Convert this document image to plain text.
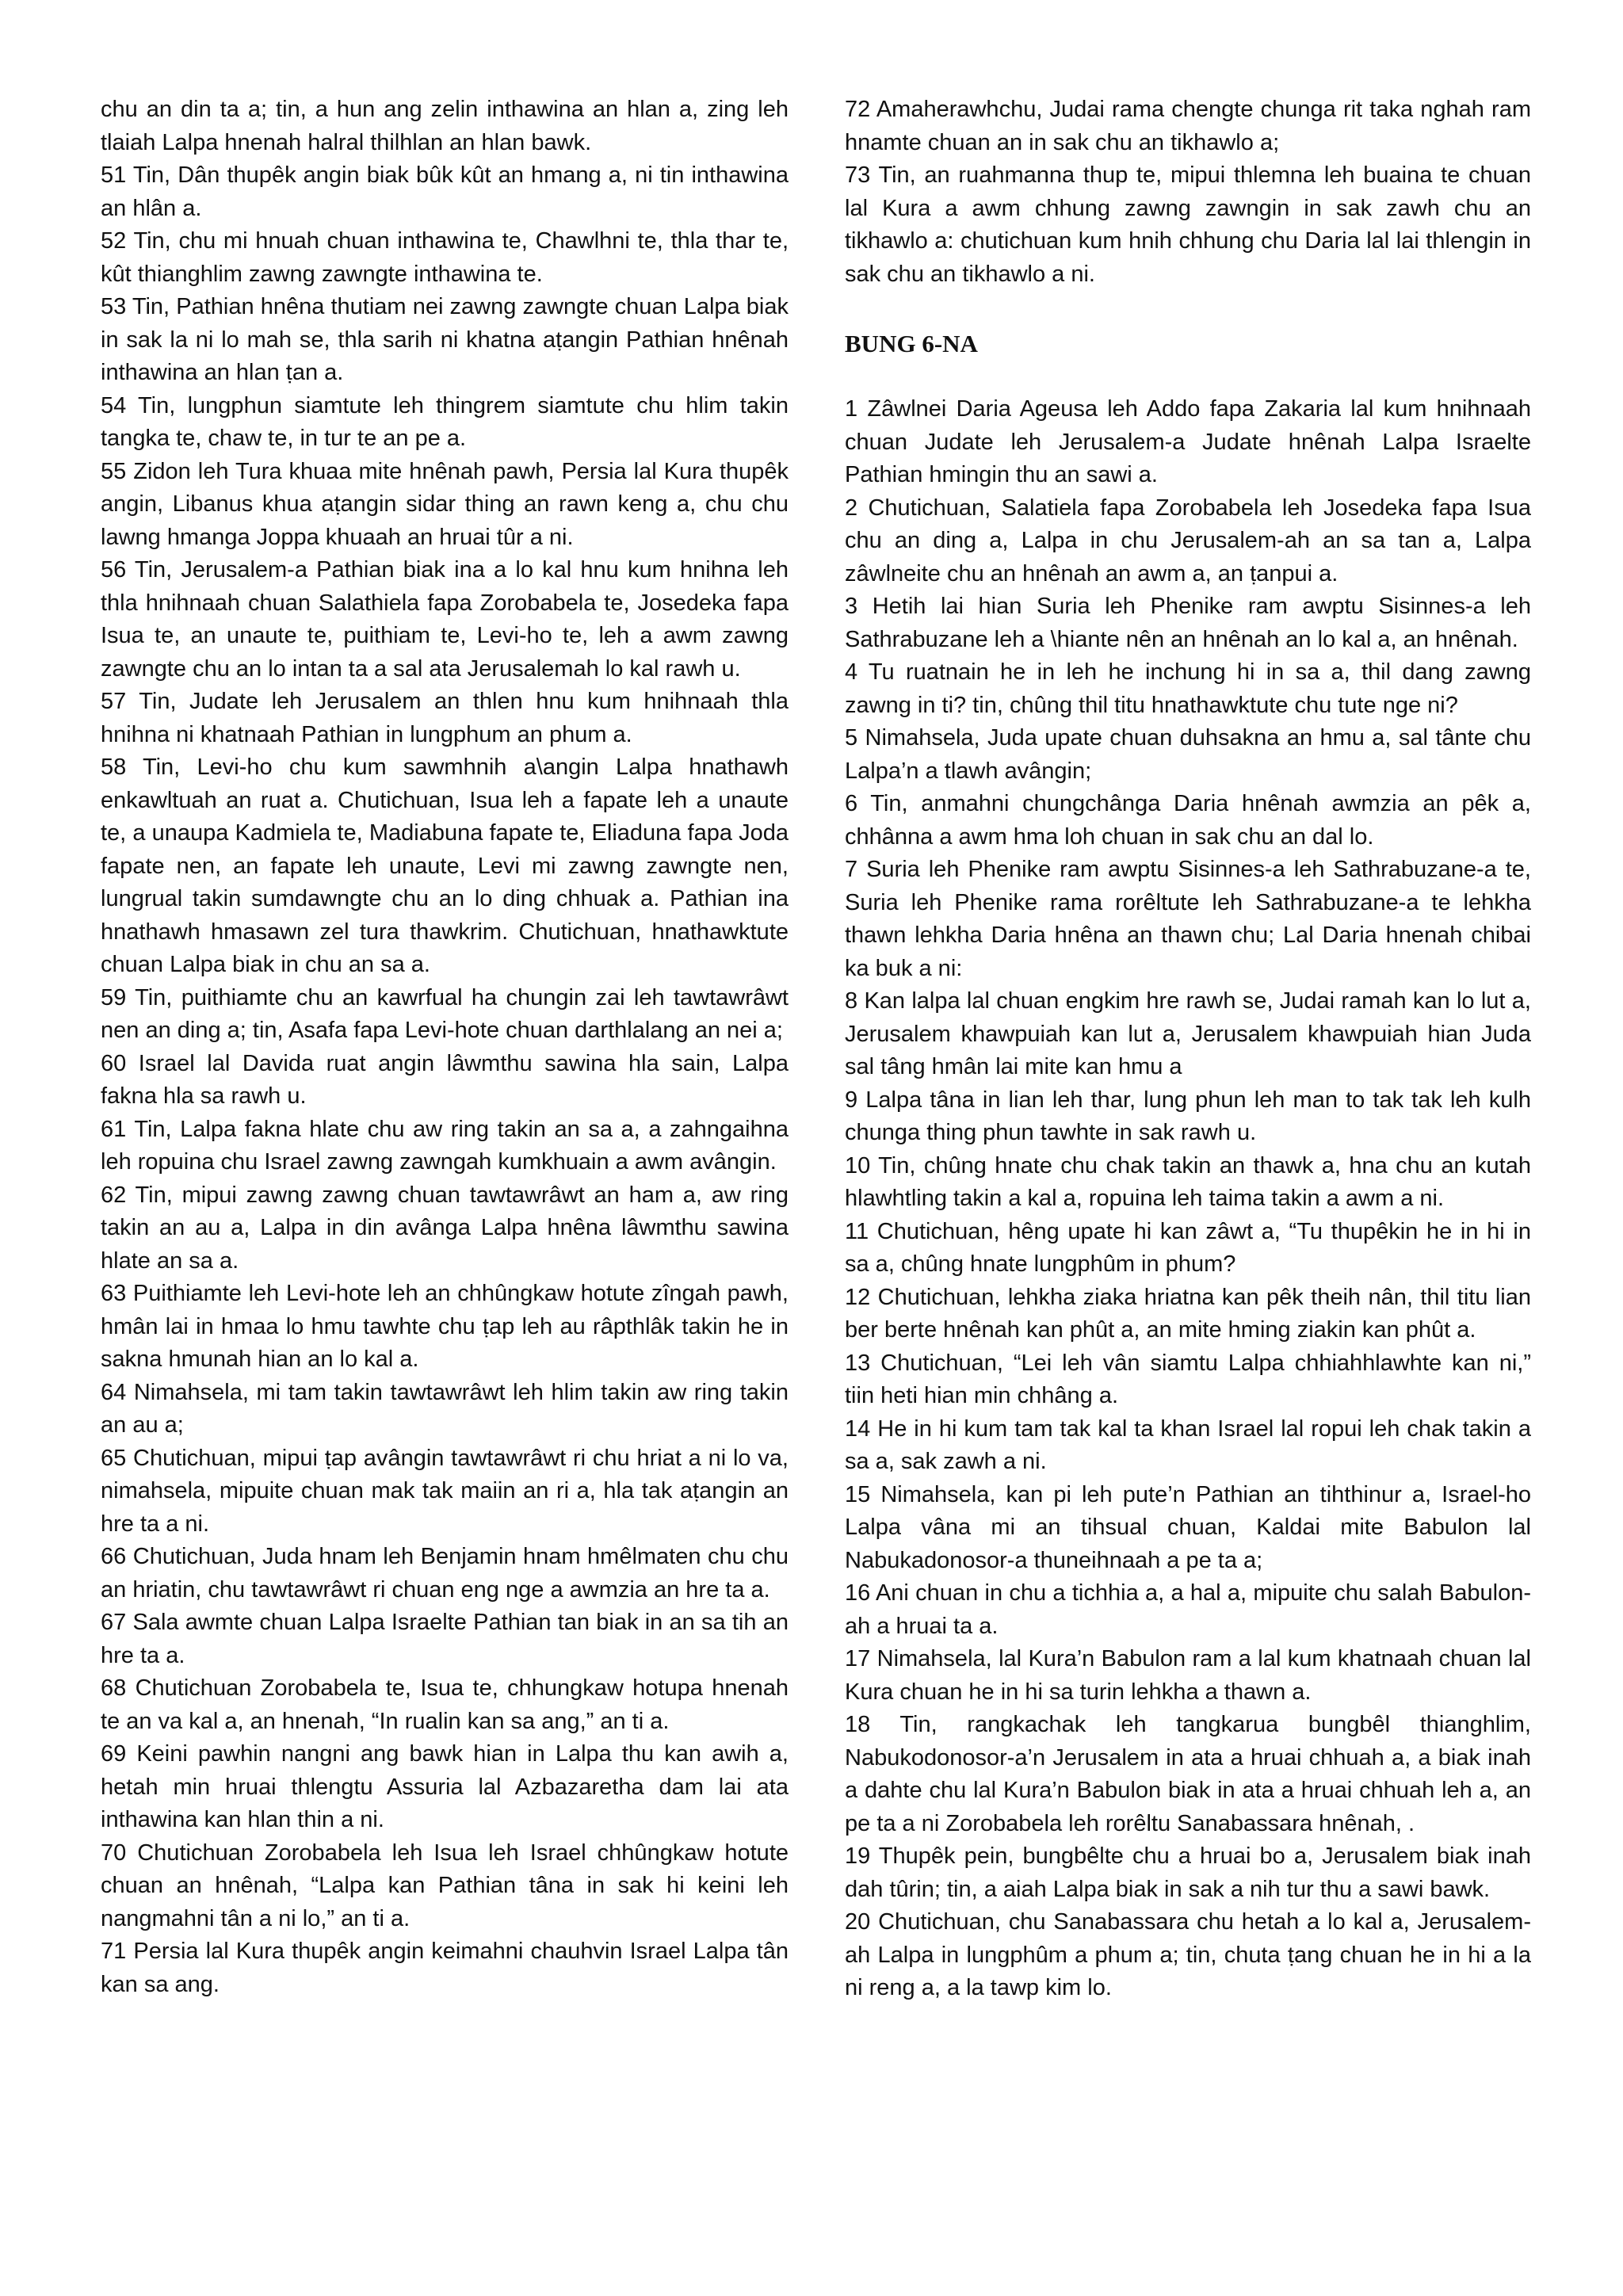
chu an din ta a; tin, a hun ang zelin inthawina an hlan a, zing leh tlaiah Lalpa hnenah halral thilhlan an hlan bawk.

51 Tin, Dân thupêk angin biak bûk kût an hmang a, ni tin inthawina an hlân a.

52 Tin, chu mi hnuah chuan inthawina te, Chawlhni te, thla thar te, kût thianghlim zawng zawngte inthawina te.

53 Tin, Pathian hnêna thutiam nei zawng zawngte chuan Lalpa biak in sak la ni lo mah se, thla sarih ni khatna aṭangin Pathian hnênah inthawina an hlan ṭan a.

54 Tin, lungphun siamtute leh thingrem siamtute chu hlim takin tangka te, chaw te, in tur te an pe a.

55 Zidon leh Tura khuaa mite hnênah pawh, Persia lal Kura thupêk angin, Libanus khua aṭangin sidar thing an rawn keng a, chu chu lawng hmanga Joppa khuaah an hruai tûr a ni.

56 Tin, Jerusalem-a Pathian biak ina a lo kal hnu kum hnihna leh thla hnihnaah chuan Salathiela fapa Zorobabela te, Josedeka fapa Isua te, an unaute te, puithiam te, Levi-ho te, leh a awm zawng zawngte chu an lo intan ta a sal ata Jerusalemah lo kal rawh u.

57 Tin, Judate leh Jerusalem an thlen hnu kum hnihnaah thla hnihna ni khatnaah Pathian in lungphum an phum a.

58 Tin, Levi-ho chu kum sawmhnih a\angin Lalpa hnathawh enkawltuah an ruat a. Chutichuan, Isua leh a fapate leh a unaute te, a unaupa Kadmiela te, Madiabuna fapate te, Eliaduna fapa Joda fapate nen, an fapate leh unaute, Levi mi zawng zawngte nen, lungrual takin sumdawngte chu an lo ding chhuak a. Pathian ina hnathawh hmasawn zel tura thawkrim. Chutichuan, hnathawktute chuan Lalpa biak in chu an sa a.

59 Tin, puithiamte chu an kawrfual ha chungin zai leh tawtawrâwt nen an ding a; tin, Asafa fapa Levi-hote chuan darthlalang an nei a;

60 Israel lal Davida ruat angin lâwmthu sawina hla sain, Lalpa fakna hla sa rawh u.

61 Tin, Lalpa fakna hlate chu aw ring takin an sa a, a zahngaihna leh ropuina chu Israel zawng zawngah kumkhuain a awm avângin.

62 Tin, mipui zawng zawng chuan tawtawrâwt an ham a, aw ring takin an au a, Lalpa in din avânga Lalpa hnêna lâwmthu sawina hlate an sa a.

63 Puithiamte leh Levi-hote leh an chhûngkaw hotute zîngah pawh, hmân lai in hmaa lo hmu tawhte chu ṭap leh au râpthlâk takin he in sakna hmunah hian an lo kal a.

64 Nimahsela, mi tam takin tawtawrâwt leh hlim takin aw ring takin an au a;

65 Chutichuan, mipui ṭap avângin tawtawrâwt ri chu hriat a ni lo va, nimahsela, mipuite chuan mak tak maiin an ri a, hla tak aṭangin an hre ta a ni.

66 Chutichuan, Juda hnam leh Benjamin hnam hmêlmaten chu chu an hriatin, chu tawtawrâwt ri chuan eng nge a awmzia an hre ta a.

67 Sala awmte chuan Lalpa Israelte Pathian tan biak in an sa tih an hre ta a.

68 Chutichuan Zorobabela te, Isua te, chhungkaw hotupa hnenah te an va kal a, an hnenah, “In rualin kan sa ang,” an ti a.

69 Keini pawhin nangni ang bawk hian in Lalpa thu kan awih a, hetah min hruai thlengtu Assuria lal Azbazaretha dam lai ata inthawina kan hlan thin a ni.

70 Chutichuan Zorobabela leh Isua leh Israel chhûngkaw hotute chuan an hnênah, “Lalpa kan Pathian tâna in sak hi keini leh nangmahni tân a ni lo,” an ti a.

71 Persia lal Kura thupêk angin keimahni chauhvin Israel Lalpa tân kan sa ang.

72 Amaherawhchu, Judai rama chengte chunga rit taka nghah ram hnamte chuan an in sak chu an tikhawlo a;

73 Tin, an ruahmanna thup te, mipui thlemna leh buaina te chuan lal Kura a awm chhung zawng zawngin in sak zawh chu an tikhawlo a: chutichuan kum hnih chhung chu Daria lal lai thlengin in sak chu an tikhawlo a ni.

BUNG 6-NA

1 Zâwlnei Daria Ageusa leh Addo fapa Zakaria lal kum hnihnaah chuan Judate leh Jerusalem-a Judate hnênah Lalpa Israelte Pathian hmingin thu an sawi a.

2 Chutichuan, Salatiela fapa Zorobabela leh Josedeka fapa Isua chu an ding a, Lalpa in chu Jerusalem-ah an sa tan a, Lalpa zâwlneite chu an hnênah an awm a, an ṭanpui a.

3 Hetih lai hian Suria leh Phenike ram awptu Sisinnes-a leh Sathrabuzane leh a \hiante nên an hnênah an lo kal a, an hnênah.

4 Tu ruatnain he in leh he inchung hi in sa a, thil dang zawng zawng in ti? tin, chûng thil titu hnathawktute chu tute nge ni?

5 Nimahsela, Juda upate chuan duhsakna an hmu a, sal tânte chu Lalpa’n a tlawh avângin;

6 Tin, anmahni chungchânga Daria hnênah awmzia an pêk a, chhânna a awm hma loh chuan in sak chu an dal lo.

7 Suria leh Phenike ram awptu Sisinnes-a leh Sathrabuzane-a te, Suria leh Phenike rama rorêltute leh Sathrabuzane-a te lehkha thawn lehkha Daria hnêna an thawn chu; Lal Daria hnenah chibai ka buk a ni:

8 Kan lalpa lal chuan engkim hre rawh se, Judai ramah kan lo lut a, Jerusalem khawpuiah kan lut a, Jerusalem khawpuiah hian Juda sal tâng hmân lai mite kan hmu a

9 Lalpa tâna in lian leh thar, lung phun leh man to tak tak leh kulh chunga thing phun tawhte in sak rawh u.

10 Tin, chûng hnate chu chak takin an thawk a, hna chu an kutah hlawhtling takin a kal a, ropuina leh taima takin a awm a ni.

11 Chutichuan, hêng upate hi kan zâwt a, “Tu thupêkin he in hi in sa a, chûng hnate lungphûm in phum?

12 Chutichuan, lehkha ziaka hriatna kan pêk theih nân, thil titu lian ber berte hnênah kan phût a, an mite hming ziakin kan phût a.

13 Chutichuan, “Lei leh vân siamtu Lalpa chhiahhlawhte kan ni,” tiin heti hian min chhâng a.

14 He in hi kum tam tak kal ta khan Israel lal ropui leh chak takin a sa a, sak zawh a ni.

15 Nimahsela, kan pi leh pute’n Pathian an tihthinur a, Israel-ho Lalpa vâna mi an tihsual chuan, Kaldai mite Babulon lal Nabukadonosor-a thuneihnaah a pe ta a;

16 Ani chuan in chu a tichhia a, a hal a, mipuite chu salah Babulon-ah a hruai ta a.

17 Nimahsela, lal Kura’n Babulon ram a lal kum khatnaah chuan lal Kura chuan he in hi sa turin lehkha a thawn a.

18 Tin, rangkachak leh tangkarua bungbêl thianghlim, Nabukodonosor-a’n Jerusalem in ata a hruai chhuah a, a biak inah a dahte chu lal Kura’n Babulon biak in ata a hruai chhuah leh a, an pe ta a ni Zorobabela leh rorêltu Sanabassara hnênah, .

19 Thupêk pein, bungbêlte chu a hruai bo a, Jerusalem biak inah dah tûrin; tin, a aiah Lalpa biak in sak a nih tur thu a sawi bawk.

20 Chutichuan, chu Sanabassara chu hetah a lo kal a, Jerusalem-ah Lalpa in lungphûm a phum a; tin, chuta ṭang chuan he in hi a la ni reng a, a la tawp kim lo.
